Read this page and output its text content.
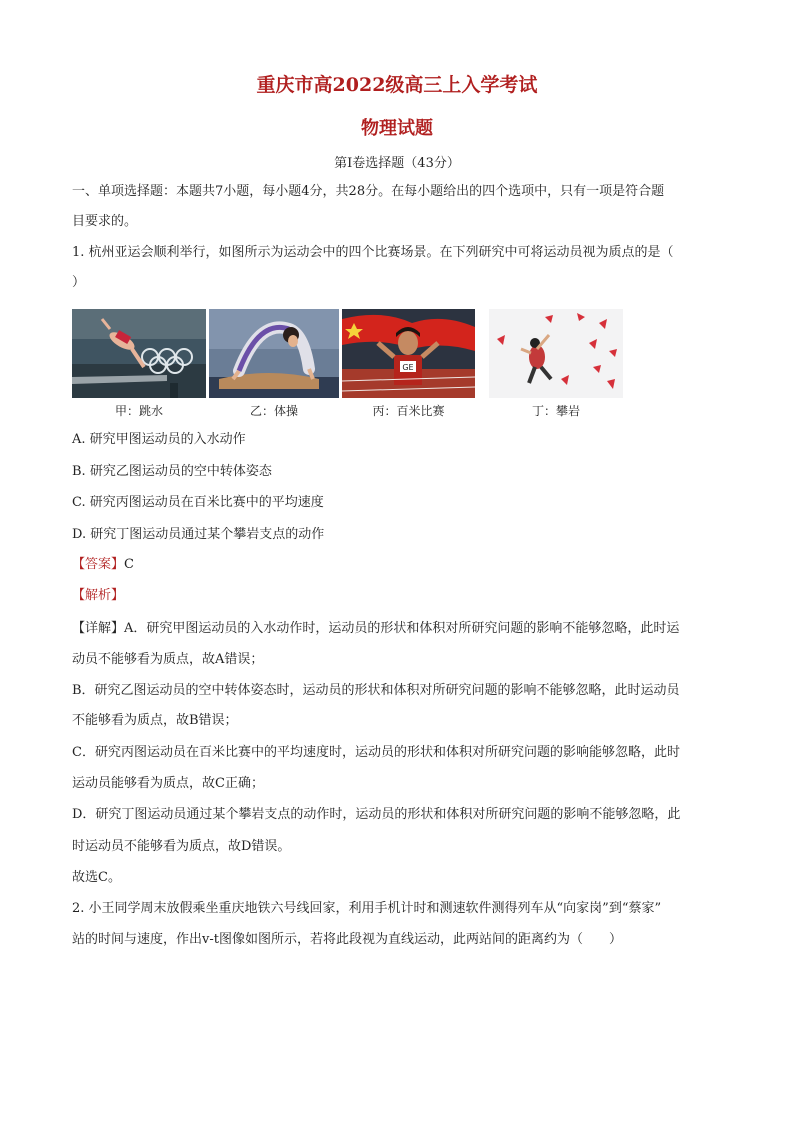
重庆市高2022级高三上入学考试
物理试题
第I卷选择题（43分）
一、单项选择题：本题共7小题，每小题4分，共28分。在每小题给出的四个选项中，只有一项是符合题
目要求的。
1. 杭州亚运会顺利举行，如图所示为运动会中的四个比赛场景。在下列研究中可将运动员视为质点的是（
）
GE
甲：跳水	乙：体操	丙：百米比赛	丁：攀岩
A. 研究甲图运动员的入水动作
B. 研究乙图运动员的空中转体姿态
C. 研究丙图运动员在百米比赛中的平均速度
D. 研究丁图运动员通过某个攀岩支点的动作
【答案】C
【解析】
【详解】A．研究甲图运动员的入水动作时，运动员的形状和体积对所研究问题的影响不能够忽略，此时运
动员不能够看为质点，故A错误；
B．研究乙图运动员的空中转体姿态时，运动员的形状和体积对所研究问题的影响不能够忽略，此时运动员
不能够看为质点，故B错误；
C．研究丙图运动员在百米比赛中的平均速度时，运动员的形状和体积对所研究问题的影响能够忽略，此时
运动员能够看为质点，故C正确；
D．研究丁图运动员通过某个攀岩支点的动作时，运动员的形状和体积对所研究问题的影响不能够忽略，此
时运动员不能够看为质点，故D错误。
故选C。
2. 小王同学周末放假乘坐重庆地铁六号线回家，利用手机计时和测速软件测得列车从“向家岗”到“蔡家”
站的时间与速度，作出v-t图像如图所示，若将此段视为直线运动，此两站间的距离约为（　　）
